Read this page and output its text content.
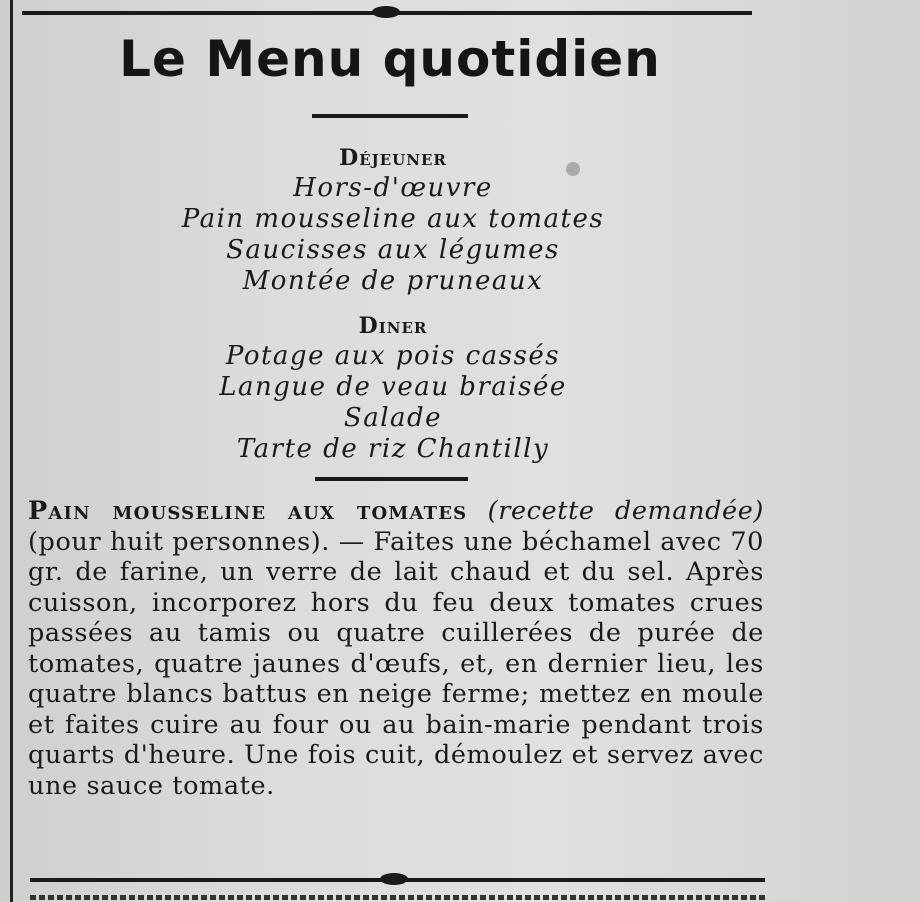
Le Menu quotidien
Déjeuner
Hors-d'œuvre
Pain mousseline aux tomates
Saucisses aux légumes
Montée de pruneaux
Diner
Potage aux pois cassés
Langue de veau braisée
Salade
Tarte de riz Chantilly
Pain mousseline aux tomates (recette demandée) (pour huit personnes). — Faites une béchamel avec 70 gr. de farine, un verre de lait chaud et du sel. Après cuisson, incorporez hors du feu deux tomates crues passées au tamis ou quatre cuillerées de purée de tomates, quatre jaunes d'œufs, et, en dernier lieu, les quatre blancs battus en neige ferme; mettez en moule et faites cuire au four ou au bain-marie pendant trois quarts d'heure. Une fois cuit, démoulez et servez avec une sauce tomate.
